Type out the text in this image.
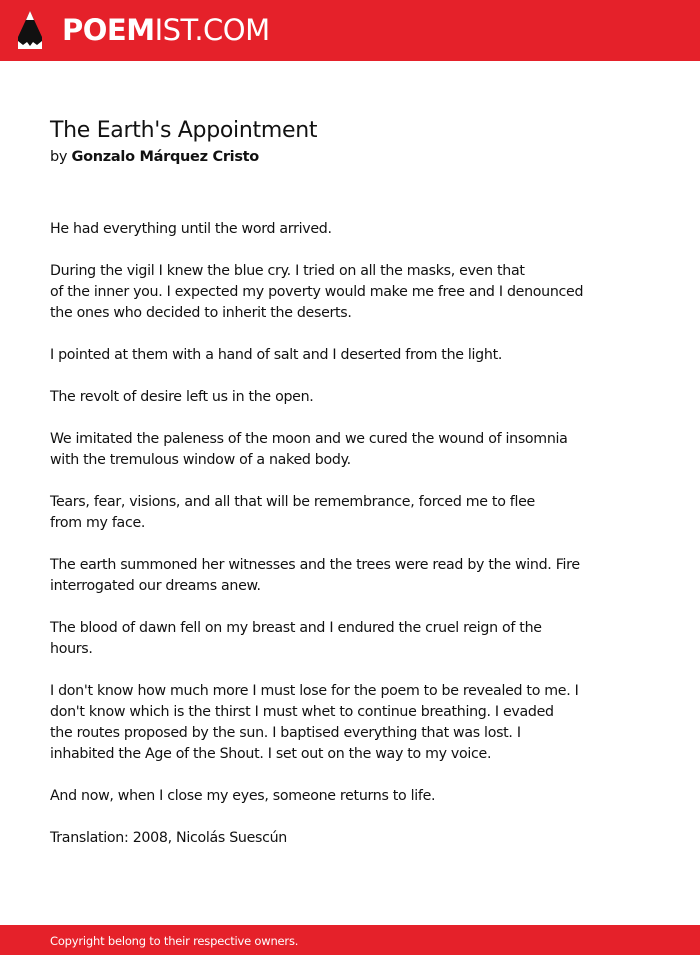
POEMIST.COM
The Earth's Appointment
by Gonzalo Márquez Cristo

He had everything until the word arrived.

During the vigil I knew the blue cry. I tried on all the masks, even that
of the inner you. I expected my poverty would make me free and I denounced
the ones who decided to inherit the deserts.

I pointed at them with a hand of salt and I deserted from the light.

The revolt of desire left us in the open.

We imitated the paleness of the moon and we cured the wound of insomnia
with the tremulous window of a naked body.

Tears, fear, visions, and all that will be remembrance, forced me to flee
from my face.

The earth summoned her witnesses and the trees were read by the wind. Fire
interrogated our dreams anew.

The blood of dawn fell on my breast and I endured the cruel reign of the
hours.

I don't know how much more I must lose for the poem to be revealed to me. I
don't know which is the thirst I must whet to continue breathing. I evaded
the routes proposed by the sun. I baptised everything that was lost. I
inhabited the Age of the Shout. I set out on the way to my voice.

And now, when I close my eyes, someone returns to life.

Translation: 2008, Nicolás Suescún

Copyright belong to their respective owners.
